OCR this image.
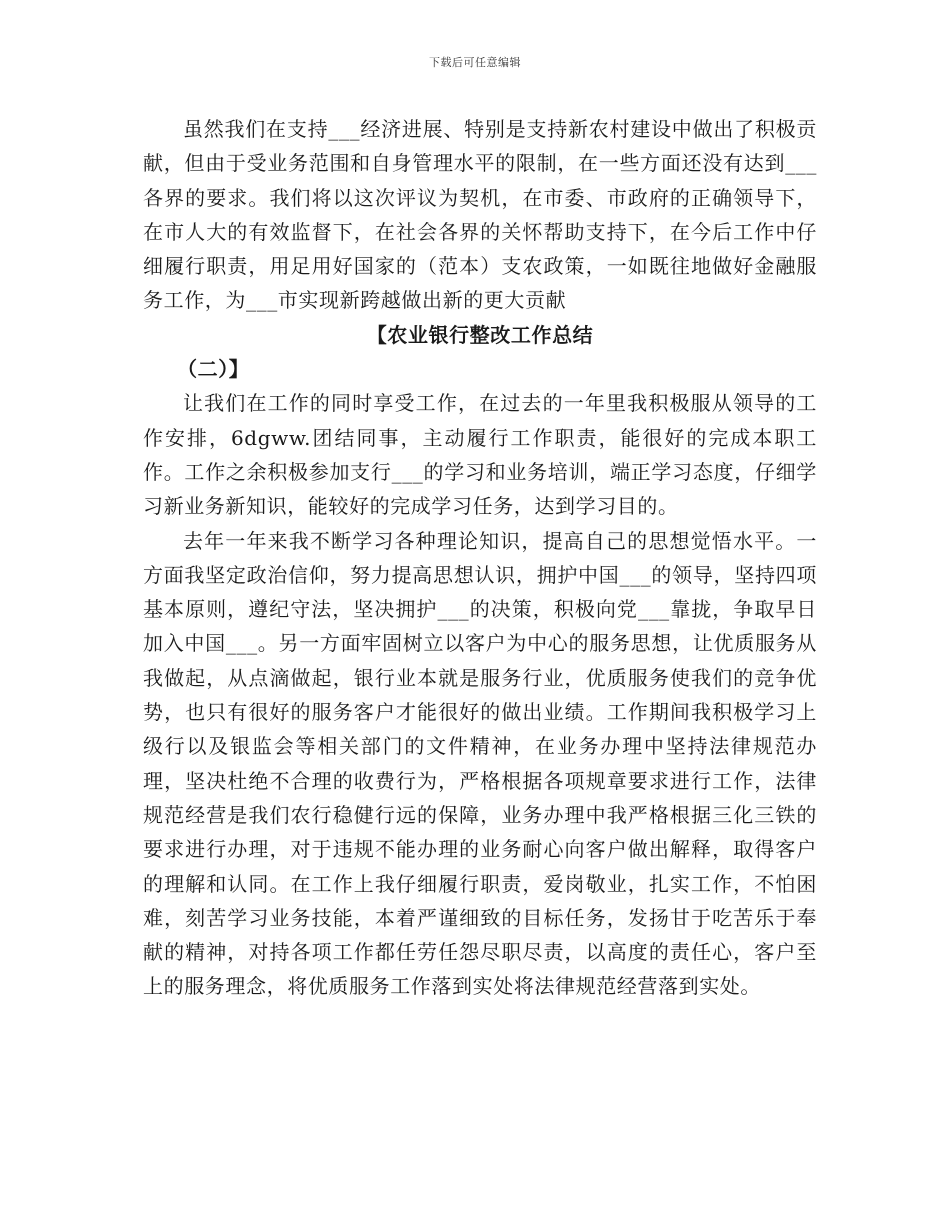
下载后可任意编辑

虽然我们在支持___经济进展、特别是支持新农村建设中做出了积极贡献，但由于受业务范围和自身管理水平的限制，在一些方面还没有达到___各界的要求。我们将以这次评议为契机，在市委、市政府的正确领导下，在市人大的有效监督下，在社会各界的关怀帮助支持下，在今后工作中仔细履行职责，用足用好国家的（范本）支农政策，一如既往地做好金融服务工作，为___市实现新跨越做出新的更大贡献

【农业银行整改工作总结

（二）】

让我们在工作的同时享受工作，在过去的一年里我积极服从领导的工作安排，6dgww.团结同事，主动履行工作职责，能很好的完成本职工作。工作之余积极参加支行___的学习和业务培训，端正学习态度，仔细学习新业务新知识，能较好的完成学习任务，达到学习目的。

去年一年来我不断学习各种理论知识，提高自己的思想觉悟水平。一方面我坚定政治信仰，努力提高思想认识，拥护中国___的领导，坚持四项基本原则，遵纪守法，坚决拥护___的决策，积极向党___靠拢，争取早日加入中国___。另一方面牢固树立以客户为中心的服务思想，让优质服务从我做起，从点滴做起，银行业本就是服务行业，优质服务使我们的竞争优势，也只有很好的服务客户才能很好的做出业绩。工作期间我积极学习上级行以及银监会等相关部门的文件精神，在业务办理中坚持法律规范办理，坚决杜绝不合理的收费行为，严格根据各项规章要求进行工作，法律规范经营是我们农行稳健行远的保障，业务办理中我严格根据三化三铁的要求进行办理，对于违规不能办理的业务耐心向客户做出解释，取得客户的理解和认同。在工作上我仔细履行职责，爱岗敬业，扎实工作，不怕困难，刻苦学习业务技能，本着严谨细致的目标任务，发扬甘于吃苦乐于奉献的精神，对持各项工作都任劳任怨尽职尽责，以高度的责任心，客户至上的服务理念，将优质服务工作落到实处将法律规范经营落到实处。
